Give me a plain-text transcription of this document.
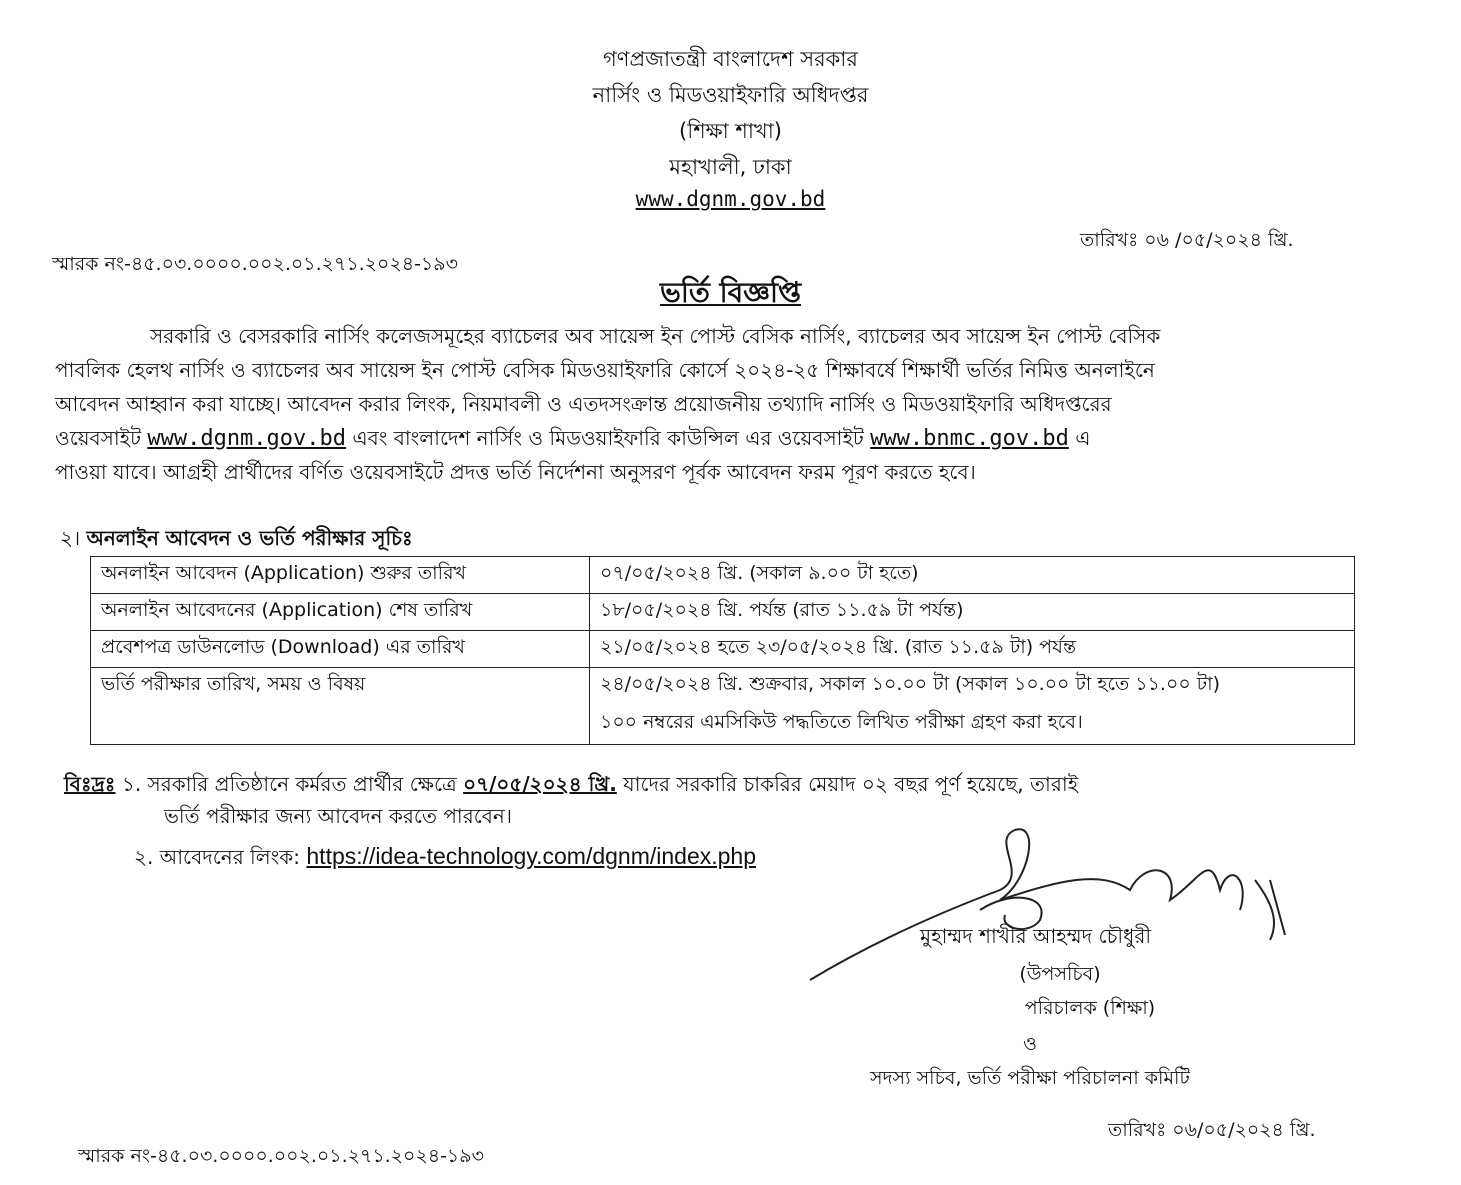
গণপ্রজাতন্ত্রী বাংলাদেশ সরকার
নার্সিং ও মিডওয়াইফারি অধিদপ্তর
(শিক্ষা শাখা)
মহাখালী, ঢাকা
www.dgnm.gov.bd
তারিখঃ ০৬ /০৫/২০২৪ খ্রি.
স্মারক নং-৪৫.০৩.০০০০.০০২.০১.২৭১.২০২৪-১৯৩
ভর্তি বিজ্ঞপ্তি
সরকারি ও বেসরকারি নার্সিং কলেজসমূহের ব্যাচেলর অব সায়েন্স ইন পোস্ট বেসিক নার্সিং, ব্যাচেলর অব সায়েন্স ইন পোস্ট বেসিক
পাবলিক হেলথ নার্সিং ও ব্যাচেলর অব সায়েন্স ইন পোস্ট বেসিক মিডওয়াইফারি কোর্সে ২০২৪-২৫ শিক্ষাবর্ষে শিক্ষার্থী ভর্তির নিমিত্ত অনলাইনে
আবেদন আহ্বান করা যাচ্ছে। আবেদন করার লিংক, নিয়মাবলী ও এতদসংক্রান্ত প্রয়োজনীয় তথ্যাদি নার্সিং ও মিডওয়াইফারি অধিদপ্তরের
ওয়েবসাইট www.dgnm.gov.bd এবং বাংলাদেশ নার্সিং ও মিডওয়াইফারি কাউন্সিল এর ওয়েবসাইট www.bnmc.gov.bd এ
পাওয়া যাবে। আগ্রহী প্রার্থীদের বর্ণিত ওয়েবসাইটে প্রদত্ত ভর্তি নির্দেশনা অনুসরণ পূর্বক আবেদন ফরম পূরণ করতে হবে।
২। অনলাইন আবেদন ও ভর্তি পরীক্ষার সূচিঃ
অনলাইন আবেদন (Application) শুরুর তারিখ	০৭/০৫/২০২৪ খ্রি. (সকাল ৯.০০ টা হতে)
অনলাইন আবেদনের (Application) শেষ তারিখ	১৮/০৫/২০২৪ খ্রি. পর্যন্ত (রাত ১১.৫৯ টা পর্যন্ত)
প্রবেশপত্র ডাউনলোড (Download) এর তারিখ	২১/০৫/২০২৪ হতে ২৩/০৫/২০২৪ খ্রি. (রাত ১১.৫৯ টা) পর্যন্ত
ভর্তি পরীক্ষার তারিখ, সময় ও বিষয়	২৪/০৫/২০২৪ খ্রি. শুক্রবার, সকাল ১০.০০ টা (সকাল ১০.০০ টা হতে ১১.০০ টা)
১০০ নম্বরের এমসিকিউ পদ্ধতিতে লিখিত পরীক্ষা গ্রহণ করা হবে।
বিঃদ্রঃ ১. সরকারি প্রতিষ্ঠানে কর্মরত প্রার্থীর ক্ষেত্রে ০৭/০৫/২০২৪ খ্রি. যাদের সরকারি চাকরির মেয়াদ ০২ বছর পূর্ণ হয়েছে, তারাই
ভর্তি পরীক্ষার জন্য আবেদন করতে পারবেন।
২. আবেদনের লিংক: https://idea-technology.com/dgnm/index.php
মুহাম্মদ শাখীর আহম্মদ চৌধুরী
(উপসচিব)
পরিচালক (শিক্ষা)
ও
সদস্য সচিব, ভর্তি পরীক্ষা পরিচালনা কমিটি
তারিখঃ ০৬/০৫/২০২৪ খ্রি.
স্মারক নং-৪৫.০৩.০০০০.০০২.০১.২৭১.২০২৪-১৯৩
